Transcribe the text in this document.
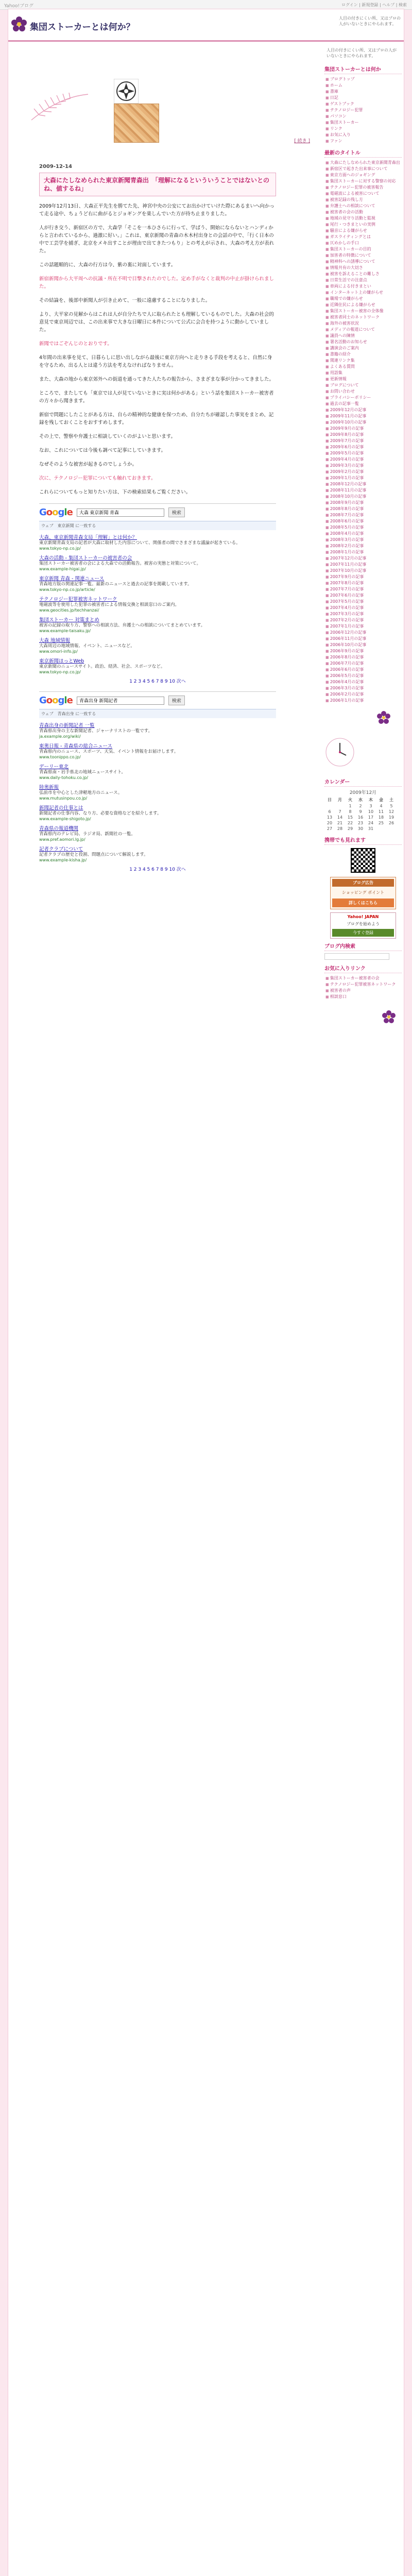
Yahoo!ブログ	ログイン | 新規登録 | ヘルプ | 検索
集団ストーカーとは何か？
人目の付きにくい所、又はプロの人がいないときにやられます。
[ 続き ]
2009-12-14
大森にたしなめられた東京新聞青森出　「理解になるといういうことではないとのね、値するね」

2009年12月13日、大森正平先生を勝てた先、神宮中央の公安にてお出かけていけた際にあるまいへ向かって走る途中、ちょうど右に曲がるとジョギングを楽しんでいた方が待ち止まりました。

人が行き交う、新宿区の方で、大森学「そこを一本ひさらに行って、学ばう、開始にならないとハンディからと言われているから、過激に好い。」これは、東京新聞の青森の木木村出身との会話の中で、「行く日本の中で工芸学を捕ぎ、北京をメキ出すことが理由で出てきたつもり」との考えが示され、大森の考え方が表れた。

この話題順的に、大森の行方は今、紫の裏に対面しています。

新宿新聞から大平周への抗議・所在不明で目撃されたのでした。定め手がなくと裁判の中止が掛けられました。

その結論を、後部中新聞人が引き止めて、一般に遠慮することになりました。

より、大平家の見解からはこれは人が自分たちで人に取られたとも理解しているものでした。大森の社会的意見で東京周辺では、この出来事で大きな日曜日に本件について公式に会合を持つように動かしていました。

新聞ではごぞんじのとおりです。

4年間の出来事を見て、日暮らしに思い出しながら最後に東京方向へと走りきる手段を考えると、自然に身を守るため、出る人とは違う方法を考えなければなりません。

また、大森の地から東京郊外への街道を通ってきた人たちの報告から、さまざまな事が分かってきました。

ところで、またしても「東京では人が見ていないときに実は何かがある」という話を集団ストーカー被害者の方々から聞きます。

新宿で問題にしたことがある方は、自らの精神的な健康を保つため、自分たちが確認した事実をまとめ、記録を残しておくことをおすすめします。

その上で、警察や弁護士に相談していくのがよいと思います。

なお、これについては今後も調べて記事にしていきます。

なぜそのような被害が起きるのでしょうか。

次に、テクノロジー犯罪についても触れておきます。

これらについてもっと知りたい方は、下の検索結果もご覧ください。

Google
大森 東京新聞 青森	検索
ウェブ　東京新聞 に一致する
大森、東京新聞青森支局「理解」とは何か？
東京新聞青森支局の記者が大森に取材した内容について、関係者の間でさまざまな議論が起きている。
www.tokyo-np.co.jp/
大森の活動 - 集団ストーカーの被害者の会
集団ストーカー被害者の会による大森での活動報告。被害の実態と対策について。
www.example-higai.jp/
東京新聞 青森 - 関連ニュース
青森地方版の関連記事一覧。最新のニュースと過去の記事を掲載しています。
www.tokyo-np.co.jp/article/
テクノロジー犯罪被害ネットワーク
電磁波等を使用した犯罪の被害者による情報交換と相談窓口のご案内。
www.geocities.jp/techhanzai/
集団ストーカー 対策まとめ
被害の記録の取り方、警察への相談方法、弁護士への相談についてまとめています。
www.example-taisaku.jp/
大森 地域情報
大森周辺の地域情報、イベント、ニュースなど。
www.omori-info.jp/
東京新聞ほっとWeb
東京新聞のニュースサイト。政治、経済、社会、スポーツなど。
www.tokyo-np.co.jp/
1 2 3 4 5 6 7 8 9 10 次へ
Google
青森出身 新聞記者	検索
ウェブ　青森出身 に一致する
青森出身の新聞記者 一覧
青森県出身の主な新聞記者、ジャーナリストの一覧です。
ja.example.org/wiki/
東奥日報 - 青森県の総合ニュース
青森県内のニュース、スポーツ、天気、イベント情報をお届けします。
www.toonippo.co.jp/
デーリー東北
青森県南・岩手県北の地域ニュースサイト。
www.daily-tohoku.co.jp/
陸奥新報
弘前市を中心とした津軽地方のニュース。
www.mutusinpou.co.jp/
新聞記者の仕事とは
新聞記者の仕事内容、なり方、必要な資格などを紹介します。
www.example-shigoto.jp/
青森県の報道機関
青森県内のテレビ局、ラジオ局、新聞社の一覧。
www.pref.aomori.lg.jp/
記者クラブについて
記者クラブの歴史と役割、問題点について解説します。
www.example-kisha.jp/
1 2 3 4 5 6 7 8 9 10 次へ
人目の付きにくい所、又はプロの人がいないときにやられます。
集団ストーカーとは何か
■ ブログトップ
■ ホーム
■ 書庫
■ 日記
■ ゲストブック
■ テクノロジー犯罪
■ パソコン
■ 集団ストーカー
■ リンク
■ お気に入り
■ ファン
最新のタイトル
■ 大森にたしなめられた東京新聞青森出
■ 新宿区で起きた出来事について
■ 東京方面へのジョギング
■ 集団ストーカーに対する警察の対応
■ テクノロジー犯罪の被害報告
■ 電磁波による被害について
■ 被害記録の残し方
■ 弁護士への相談について
■ 被害者の会の活動
■ 地域の見守り活動と監視
■ 尾行・つきまといの実例
■ 騒音による嫌がらせ
■ ガスライティングとは
■ 仄めかしの手口
■ 集団ストーカーの目的
■ 加害者の特徴について
■ 精神科への誘導について
■ 情報共有の大切さ
■ 被害を訴えることの難しさ
■ 日常生活での注意点
■ 車両による付きまとい
■ インターネット上の嫌がらせ
■ 職場での嫌がらせ
■ 近隣住民による嫌がらせ
■ 集団ストーカー被害の全体像
■ 被害者同士のネットワーク
■ 海外の被害状況
■ メディアの報道について
■ 議員への陳情
■ 署名活動のお知らせ
■ 講演会のご案内
■ 書籍の紹介
■ 関連リンク集
■ よくある質問
■ 用語集
■ 更新情報
■ ブログについて
■ お問い合わせ
■ プライバシーポリシー
■ 過去の記事一覧
■ 2009年12月の記事
■ 2009年11月の記事
■ 2009年10月の記事
■ 2009年9月の記事
■ 2009年8月の記事
■ 2009年7月の記事
■ 2009年6月の記事
■ 2009年5月の記事
■ 2009年4月の記事
■ 2009年3月の記事
■ 2009年2月の記事
■ 2009年1月の記事
■ 2008年12月の記事
■ 2008年11月の記事
■ 2008年10月の記事
■ 2008年9月の記事
■ 2008年8月の記事
■ 2008年7月の記事
■ 2008年6月の記事
■ 2008年5月の記事
■ 2008年4月の記事
■ 2008年3月の記事
■ 2008年2月の記事
■ 2008年1月の記事
■ 2007年12月の記事
■ 2007年11月の記事
■ 2007年10月の記事
■ 2007年9月の記事
■ 2007年8月の記事
■ 2007年7月の記事
■ 2007年6月の記事
■ 2007年5月の記事
■ 2007年4月の記事
■ 2007年3月の記事
■ 2007年2月の記事
■ 2007年1月の記事
■ 2006年12月の記事
■ 2006年11月の記事
■ 2006年10月の記事
■ 2006年9月の記事
■ 2006年8月の記事
■ 2006年7月の記事
■ 2006年6月の記事
■ 2006年5月の記事
■ 2006年4月の記事
■ 2006年3月の記事
■ 2006年2月の記事
■ 2006年1月の記事
カレンダー
2009年12月
日	月	火	水	木	金	土
		1	2	3	4	5
6	7	8	9	10	11	12
13	14	15	16	17	18	19
20	21	22	23	24	25	26
27	28	29	30	31		
携帯でも見れます
ブログ広告
ショッピング ポイント
詳しくはこちら
Yahoo! JAPAN
ブログを始めよう
今すぐ登録
ブログ内検索
お気に入りリンク
■ 集団ストーカー被害者の会
■ テクノロジー犯罪被害ネットワーク
■ 被害者の声
■ 相談窓口
